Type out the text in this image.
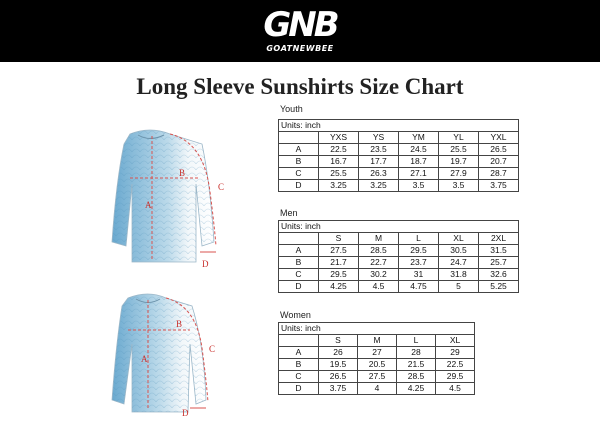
GNB
GOATNEWBEE
Long Sleeve Sunshirts Size Chart
B
A
C
D
B
A
C
D
Youth
Units: inch					
	YXS	YS	YM	YL	YXL
A	22.5	23.5	24.5	25.5	26.5
B	16.7	17.7	18.7	19.7	20.7
C	25.5	26.3	27.1	27.9	28.7
D	3.25	3.25	3.5	3.5	3.75
Men
Units: inch					
	S	M	L	XL	2XL
A	27.5	28.5	29.5	30.5	31.5
B	21.7	22.7	23.7	24.7	25.7
C	29.5	30.2	31	31.8	32.6
D	4.25	4.5	4.75	5	5.25
Women
Units: inch				
	S	M	L	XL
A	26	27	28	29
B	19.5	20.5	21.5	22.5
C	26.5	27.5	28.5	29.5
D	3.75	4	4.25	4.5
